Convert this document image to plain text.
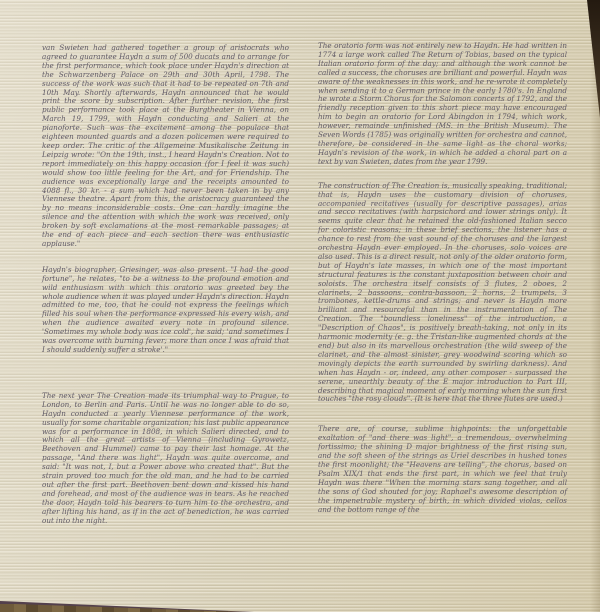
van Swieten had gathered together a group of aristocrats who agreed to guarantee Haydn a sum of 500 ducats and to arrange for the first performance, which took place under Haydn's direction at the Schwarzenberg Palace on 29th and 30th April, 1798. The success of the work was such that it had to be repeated on 7th and 10th May. Shortly afterwards, Haydn announced that he would print the score by subscription. After further revision, the first public performance took place at the Burgtheater in Vienna, on March 19, 1799, with Haydn conducting and Salieri at the pianoforte. Such was the excitement among the populace that eighteen mounted guards and a dozen policemen were required to keep order. The critic of the Allgemeine Musikalische Zeitung in Leipzig wrote: "On the 19th, inst., I heard Haydn's Creation. Not to report immediately on this happy occasion (for I feel it was such) would show too little feeling for the Art, and for Friendship. The audience was exceptionally large and the receipts amounted to 4088 fl., 30 kr. - a sum which had never been taken in by any Viennese theatre. Apart from this, the aristocracy guaranteed the by no means inconsiderable costs. One can hardly imagine the silence and the attention with which the work was received, only broken by soft exclamations at the most remarkable passages; at the end of each piece and each section there was enthusiastic applause."

Haydn's biographer, Griesinger, was also present. "I had the good fortune", he relates, "to be a witness to the profound emotion and wild enthusiasm with which this oratorio was greeted bey the whole audience when it was played under Haydn's direction. Haydn admitted to me, too, that he could not express the feelings which filled his soul when the performance expressed his every wish, and when the audience awaited every note in profound silence. 'Sometimes my whole body was ice cold', he said; 'and sometimes I was overcome with burning fever; more than once I was afraid that I should suddenly suffer a stroke'."

The next year The Creation made its triumphal way to Prague, to London, to Berlin and Paris. Until he was no longer able to do so, Haydn conducted a yearly Viennese performance of the work, usually for some charitable organization; his last public appearance was for a performance in 1808, in which Salieri directed, and to which all the great artists of Vienna (including Gyrowetz, Beethoven and Hummel) came to pay their last homage. At the passage, "And there was light", Haydn was quite overcome, and said: "It was not, I, but a Power above who created that". But the strain proved too much for the old man, and he had to be carried out after the first part. Beethoven bent down and kissed his hand and forehead, and most of the audience was in tears. As he reached the door, Haydn told his bearers to turn him to the orchestra, and after lifting his hand, as if in the act of benediction, he was carried out into the night.

The oratorio form was not entirely new to Haydn. He had written in 1774 a large work called The Return of Tobias, based on the typical Italian oratorio form of the day; and although the work cannot be called a success, the choruses are brilliant and powerful. Haydn was aware of the weaknesses in this work, and he re-wrote it completely when sending it to a German prince in the early 1780's. In England he wrote a Storm Chorus for the Salomon concerts of 1792, and the friendly reception given to this short piece may have encouraged him to begin an oratorio for Lord Abingdon in 1794, which work, however, remainde unfinished (MS. in the British Museum). The Seven Words (1785) was originally written for orchestra and cannot, therefore, be considered in the same light as the choral works; Haydn's revision of the work, in which he added a choral part on a text by van Swieten, dates from the year 1799.

The construction of The Creation is, musically speaking, traditional; that is, Haydn uses the customary division of choruses, accompanied recitatives (usually for descriptive passages), arias and secco recitatives (with harpsichord and lower strings only). It seems quite clear that he retained the old-fashioned Italian secco for coloristic reasons; in these brief sections, the listener has a chance to rest from the vast sound of the choruses and the largest orchestra Haydn ever employed. In the choruses, solo voices are also used. This is a direct result, not only of the older oratorio form, but of Haydn's late masses, in which one of the most important structural features is the constant juxtaposition between choir and soloists. The orchestra itself consists of 3 flutes, 2 oboes, 2 clarinets, 2 bassoons, contra-bassoon, 2 horns, 2 trumpets, 3 trombones, kettle-drums and strings; and never is Haydn more brilliant and resourceful than in the instrumentation of The Creation. The "boundless loneliness" of the introduction, a "Description of Chaos", is positively breath-taking, not only in its harmonic modernity (e. g. the Tristan-like augmented chords at the end) but also in its marvellous orchestration (the wild sweep of the clarinet, and the almost sinister, grey woodwind scoring which so movingly depicts the earth surrounded by swirling darkness). And when has Haydn - or, indeed, any other composer - surpassed the serene, unearthly beauty of the E major introduction to Part III, describing that magical moment of early morning when the sun first touches "the rosy clouds". (It is here that the three flutes are used.)

There are, of course, sublime highpoints: the unforgettable exaltation of "and there was light", a tremendous, overwhelming fortissimo; the shining D major brightness of the first rising sun, and the soft sheen of the strings as Uriel describes in hushed tones the first moonlight; the "Heavens are telling", the chorus, based on Psalm XIX/1 that ends the first part, in which we feel that truly Haydn was there "When the morning stars sang together, and all the sons of God shouted for joy; Raphael's awesome description of the impenetrable mystery of birth, in which divided violas, cellos and the bottom range of the
